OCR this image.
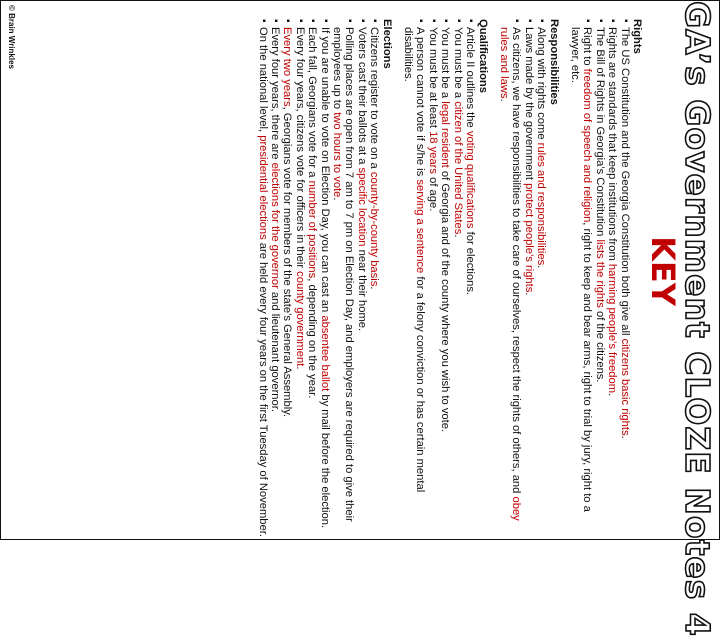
GA’s Government CLOZE Notes 4
KEY
Rights
▪
The US Constitution and the Georgia Constitution both give all citizens basic rights.
▪
Rights are standards that keep institutions from harming people’s freedom.
▪
The Bill of Rights in Georgia’s Constitution lists the rights of the citizens.
▪
Right to freedom of speech and religion, right to keep and bear arms, right to trial by jury, right to a lawyer, etc.
Responsibilities
▪
Along with rights come rules and responsibilities.
▪
Laws made by the government protect people’s rights.
▪
As citizens, we have responsibilities to take care of ourselves, respect the rights of others, and obey rules and laws.
Qualifications
▪
Article II outlines the voting qualifications for elections.
▪
You must be a citizen of the United States.
▪
You must be a legal resident of Georgia and of the county where you wish to vote.
▪
You must be at least 18 years of age.
▪
A person cannot vote if s/he is serving a sentence for a felony conviction or has certain mental disabilities.
Elections
▪
Citizens register to vote on a county-by-county basis.
▪
Voters cast their ballots at a specific location near their home.
▪
Polling places are open from 7 am to 7 pm on Election Day, and employers are required to give their employees up to two hours to vote.
▪
If you are unable to vote on Election Day, you can cast an absentee ballot by mail before the election.
▪
Each fall, Georgians vote for a number of positions, depending on the year.
▪
Every four years, citizens vote for officers in their county government.
▪
Every two years, Georgians vote for members of the state’s General Assembly.
▪
Every four years, there are elections for the governor and lieutenant governor.
▪
On the national level, presidential elections are held every four years on the first Tuesday of November.
© Brain Wrinkles
